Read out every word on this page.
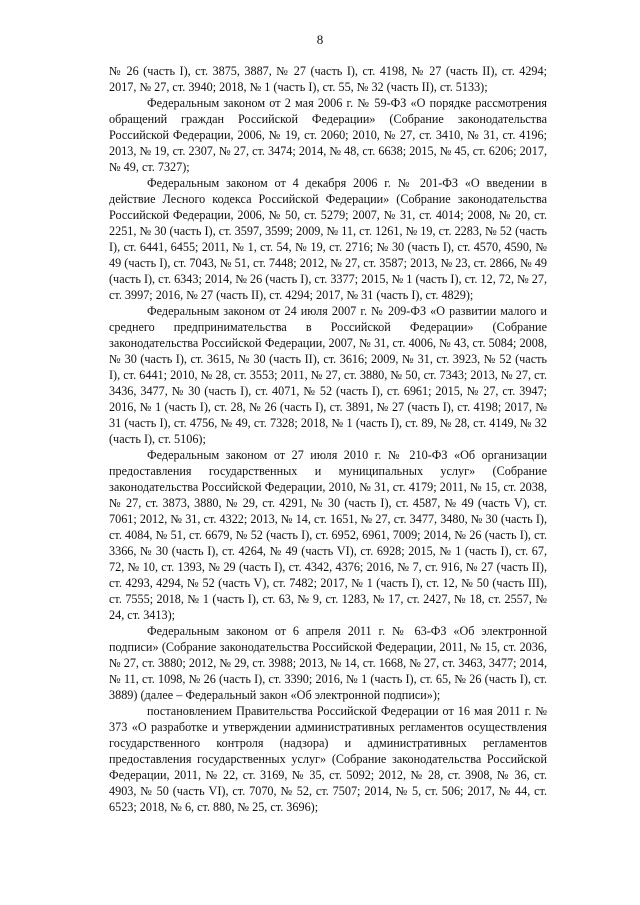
8

№ 26 (часть I), ст. 3875, 3887, № 27 (часть I), ст. 4198, № 27 (часть II), ст. 4294; 2017, № 27, ст. 3940; 2018, № 1 (часть I), ст. 55, № 32 (часть II), ст. 5133);

Федеральным законом от 2 мая 2006 г. № 59-ФЗ «О порядке рассмотрения обращений граждан Российской Федерации» (Собрание законодательства Российской Федерации, 2006, № 19, ст. 2060; 2010, № 27, ст. 3410, № 31, ст. 4196; 2013, № 19, ст. 2307, № 27, ст. 3474; 2014, № 48, ст. 6638; 2015, № 45, ст. 6206; 2017, № 49, ст. 7327);

Федеральным законом от 4 декабря 2006 г. № 201-ФЗ «О введении в действие Лесного кодекса Российской Федерации» (Собрание законодательства Российской Федерации, 2006, № 50, ст. 5279; 2007, № 31, ст. 4014; 2008, № 20, ст. 2251, № 30 (часть I), ст. 3597, 3599; 2009, № 11, ст. 1261, № 19, ст. 2283, № 52 (часть I), ст. 6441, 6455; 2011, № 1, ст. 54, № 19, ст. 2716; № 30 (часть I), ст. 4570, 4590, № 49 (часть I), ст. 7043, № 51, ст. 7448; 2012, № 27, ст. 3587; 2013, № 23, ст. 2866, № 49 (часть I), ст. 6343; 2014, № 26 (часть I), ст. 3377; 2015, № 1 (часть I), ст. 12, 72, № 27, ст. 3997; 2016, № 27 (часть II), ст. 4294; 2017, № 31 (часть I), ст. 4829);

Федеральным законом от 24 июля 2007 г. № 209-ФЗ «О развитии малого и среднего предпринимательства в Российской Федерации» (Собрание законодательства Российской Федерации, 2007, № 31, ст. 4006, № 43, ст. 5084; 2008, № 30 (часть I), ст. 3615, № 30 (часть II), ст. 3616; 2009, № 31, ст. 3923, № 52 (часть I), ст. 6441; 2010, № 28, ст. 3553; 2011, № 27, ст. 3880, № 50, ст. 7343; 2013, № 27, ст. 3436, 3477, № 30 (часть I), ст. 4071, № 52 (часть I), ст. 6961; 2015, № 27, ст. 3947; 2016, № 1 (часть I), ст. 28, № 26 (часть I), ст. 3891, № 27 (часть I), ст. 4198; 2017, № 31 (часть I), ст. 4756, № 49, ст. 7328; 2018, № 1 (часть I), ст. 89, № 28, ст. 4149, № 32 (часть I), ст. 5106);

Федеральным законом от 27 июля 2010 г. № 210-ФЗ «Об организации предоставления государственных и муниципальных услуг» (Собрание законодательства Российской Федерации, 2010, № 31, ст. 4179; 2011, № 15, ст. 2038, № 27, ст. 3873, 3880, № 29, ст. 4291, № 30 (часть I), ст. 4587, № 49 (часть V), ст. 7061; 2012, № 31, ст. 4322; 2013, № 14, ст. 1651, № 27, ст. 3477, 3480, № 30 (часть I), ст. 4084, № 51, ст. 6679, № 52 (часть I), ст. 6952, 6961, 7009; 2014, № 26 (часть I), ст. 3366, № 30 (часть I), ст. 4264, № 49 (часть VI), ст. 6928; 2015, № 1 (часть I), ст. 67, 72, № 10, ст. 1393, № 29 (часть I), ст. 4342, 4376; 2016, № 7, ст. 916, № 27 (часть II), ст. 4293, 4294, № 52 (часть V), ст. 7482; 2017, № 1 (часть I), ст. 12, № 50 (часть III), ст. 7555; 2018, № 1 (часть I), ст. 63, № 9, ст. 1283, № 17, ст. 2427, № 18, ст. 2557, № 24, ст. 3413);

Федеральным законом от 6 апреля 2011 г. № 63-ФЗ «Об электронной подписи» (Собрание законодательства Российской Федерации, 2011, № 15, ст. 2036, № 27, ст. 3880; 2012, № 29, ст. 3988; 2013, № 14, ст. 1668, № 27, ст. 3463, 3477; 2014, № 11, ст. 1098, № 26 (часть I), ст. 3390; 2016, № 1 (часть I), ст. 65, № 26 (часть I), ст. 3889) (далее – Федеральный закон «Об электронной подписи»);

постановлением Правительства Российской Федерации от 16 мая 2011 г. № 373 «О разработке и утверждении административных регламентов осуществления государственного контроля (надзора) и административных регламентов предоставления государственных услуг» (Собрание законодательства Российской Федерации, 2011, № 22, ст. 3169, № 35, ст. 5092; 2012, № 28, ст. 3908, № 36, ст. 4903, № 50 (часть VI), ст. 7070, № 52, ст. 7507; 2014, № 5, ст. 506; 2017, № 44, ст. 6523; 2018, № 6, ст. 880, № 25, ст. 3696);
